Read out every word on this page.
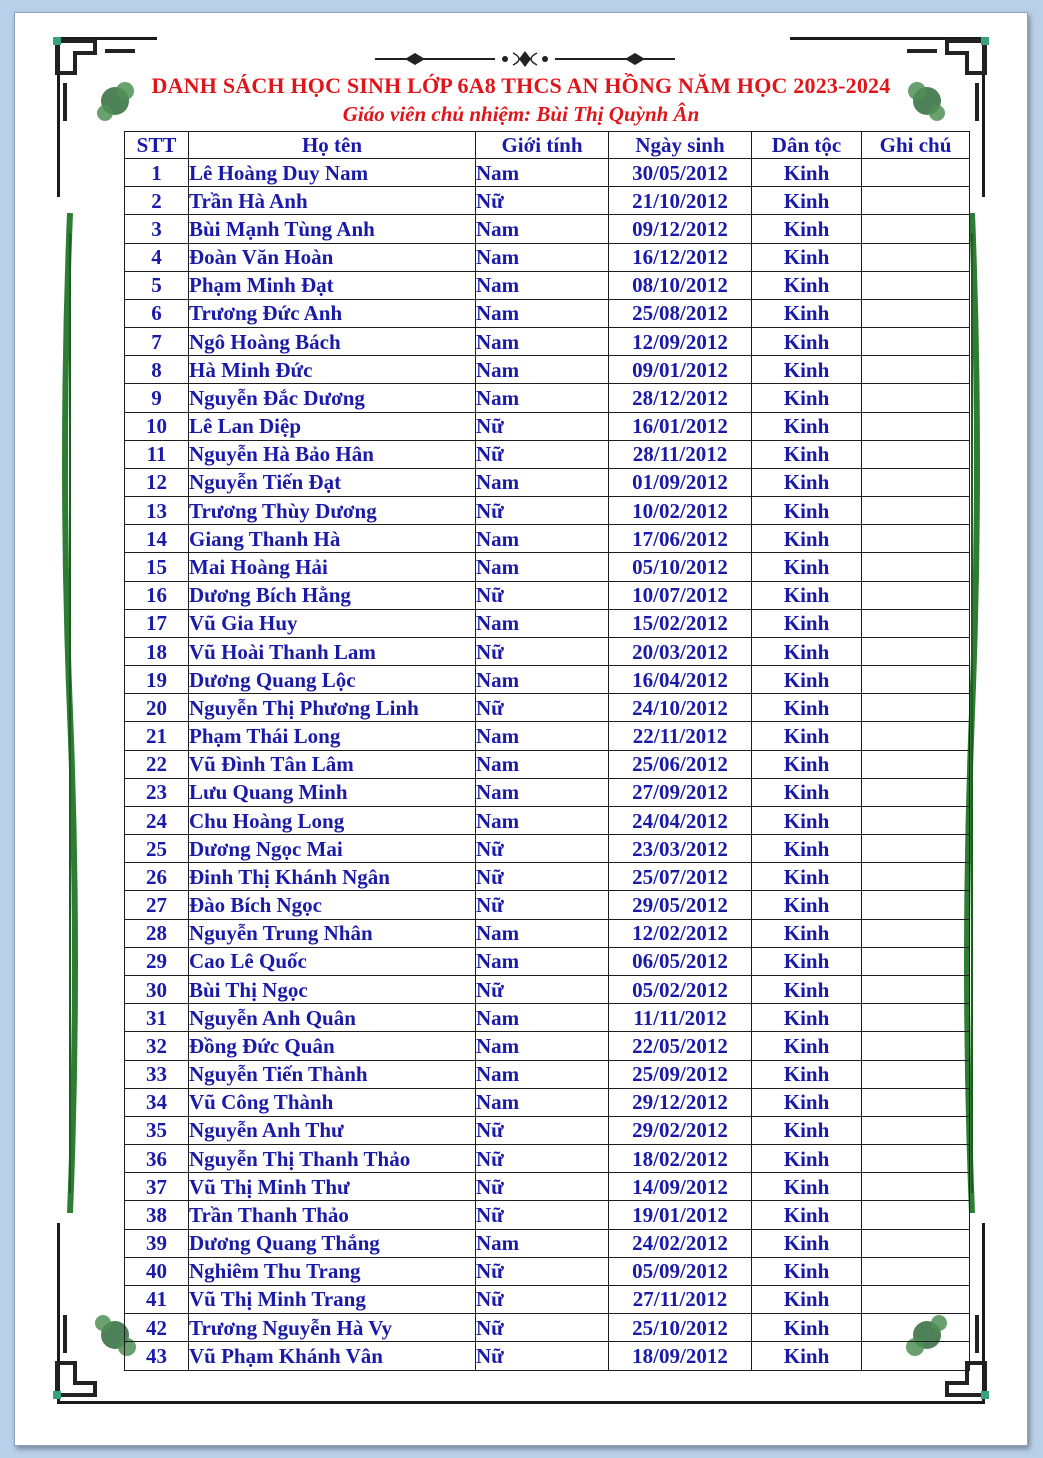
DANH SÁCH HỌC SINH LỚP 6A8 THCS AN HỒNG NĂM HỌC 2023-2024
Giáo viên chủ nhiệm: Bùi Thị Quỳnh Ân
STT	Họ tên	Giới tính	Ngày sinh	Dân tộc	Ghi chú
1	Lê Hoàng Duy Nam	Nam	30/05/2012	Kinh	
2	Trần Hà Anh	Nữ	21/10/2012	Kinh	
3	Bùi Mạnh Tùng Anh	Nam	09/12/2012	Kinh	
4	Đoàn Văn Hoàn	Nam	16/12/2012	Kinh	
5	Phạm Minh Đạt	Nam	08/10/2012	Kinh	
6	Trương Đức Anh	Nam	25/08/2012	Kinh	
7	Ngô Hoàng Bách	Nam	12/09/2012	Kinh	
8	Hà Minh Đức	Nam	09/01/2012	Kinh	
9	Nguyễn Đắc Dương	Nam	28/12/2012	Kinh	
10	Lê Lan Diệp	Nữ	16/01/2012	Kinh	
11	Nguyễn Hà Bảo Hân	Nữ	28/11/2012	Kinh	
12	Nguyễn Tiến Đạt	Nam	01/09/2012	Kinh	
13	Trương Thùy Dương	Nữ	10/02/2012	Kinh	
14	Giang Thanh Hà	Nam	17/06/2012	Kinh	
15	Mai Hoàng Hải	Nam	05/10/2012	Kinh	
16	Dương Bích Hằng	Nữ	10/07/2012	Kinh	
17	Vũ Gia Huy	Nam	15/02/2012	Kinh	
18	Vũ Hoài Thanh Lam	Nữ	20/03/2012	Kinh	
19	Dương Quang Lộc	Nam	16/04/2012	Kinh	
20	Nguyễn Thị Phương Linh	Nữ	24/10/2012	Kinh	
21	Phạm Thái Long	Nam	22/11/2012	Kinh	
22	Vũ Đình Tân Lâm	Nam	25/06/2012	Kinh	
23	Lưu Quang Minh	Nam	27/09/2012	Kinh	
24	Chu Hoàng Long	Nam	24/04/2012	Kinh	
25	Dương Ngọc Mai	Nữ	23/03/2012	Kinh	
26	Đinh Thị Khánh Ngân	Nữ	25/07/2012	Kinh	
27	Đào Bích Ngọc	Nữ	29/05/2012	Kinh	
28	Nguyễn Trung Nhân	Nam	12/02/2012	Kinh	
29	Cao Lê Quốc	Nam	06/05/2012	Kinh	
30	Bùi Thị Ngọc	Nữ	05/02/2012	Kinh	
31	Nguyễn Anh Quân	Nam	11/11/2012	Kinh	
32	Đồng Đức Quân	Nam	22/05/2012	Kinh	
33	Nguyễn Tiến Thành	Nam	25/09/2012	Kinh	
34	Vũ Công Thành	Nam	29/12/2012	Kinh	
35	Nguyễn Anh Thư	Nữ	29/02/2012	Kinh	
36	Nguyễn Thị Thanh Thảo	Nữ	18/02/2012	Kinh	
37	Vũ Thị Minh Thư	Nữ	14/09/2012	Kinh	
38	Trần Thanh Thảo	Nữ	19/01/2012	Kinh	
39	Dương Quang Thắng	Nam	24/02/2012	Kinh	
40	Nghiêm Thu Trang	Nữ	05/09/2012	Kinh	
41	Vũ Thị Minh Trang	Nữ	27/11/2012	Kinh	
42	Trương Nguyễn Hà Vy	Nữ	25/10/2012	Kinh	
43	Vũ Phạm Khánh Vân	Nữ	18/09/2012	Kinh	
